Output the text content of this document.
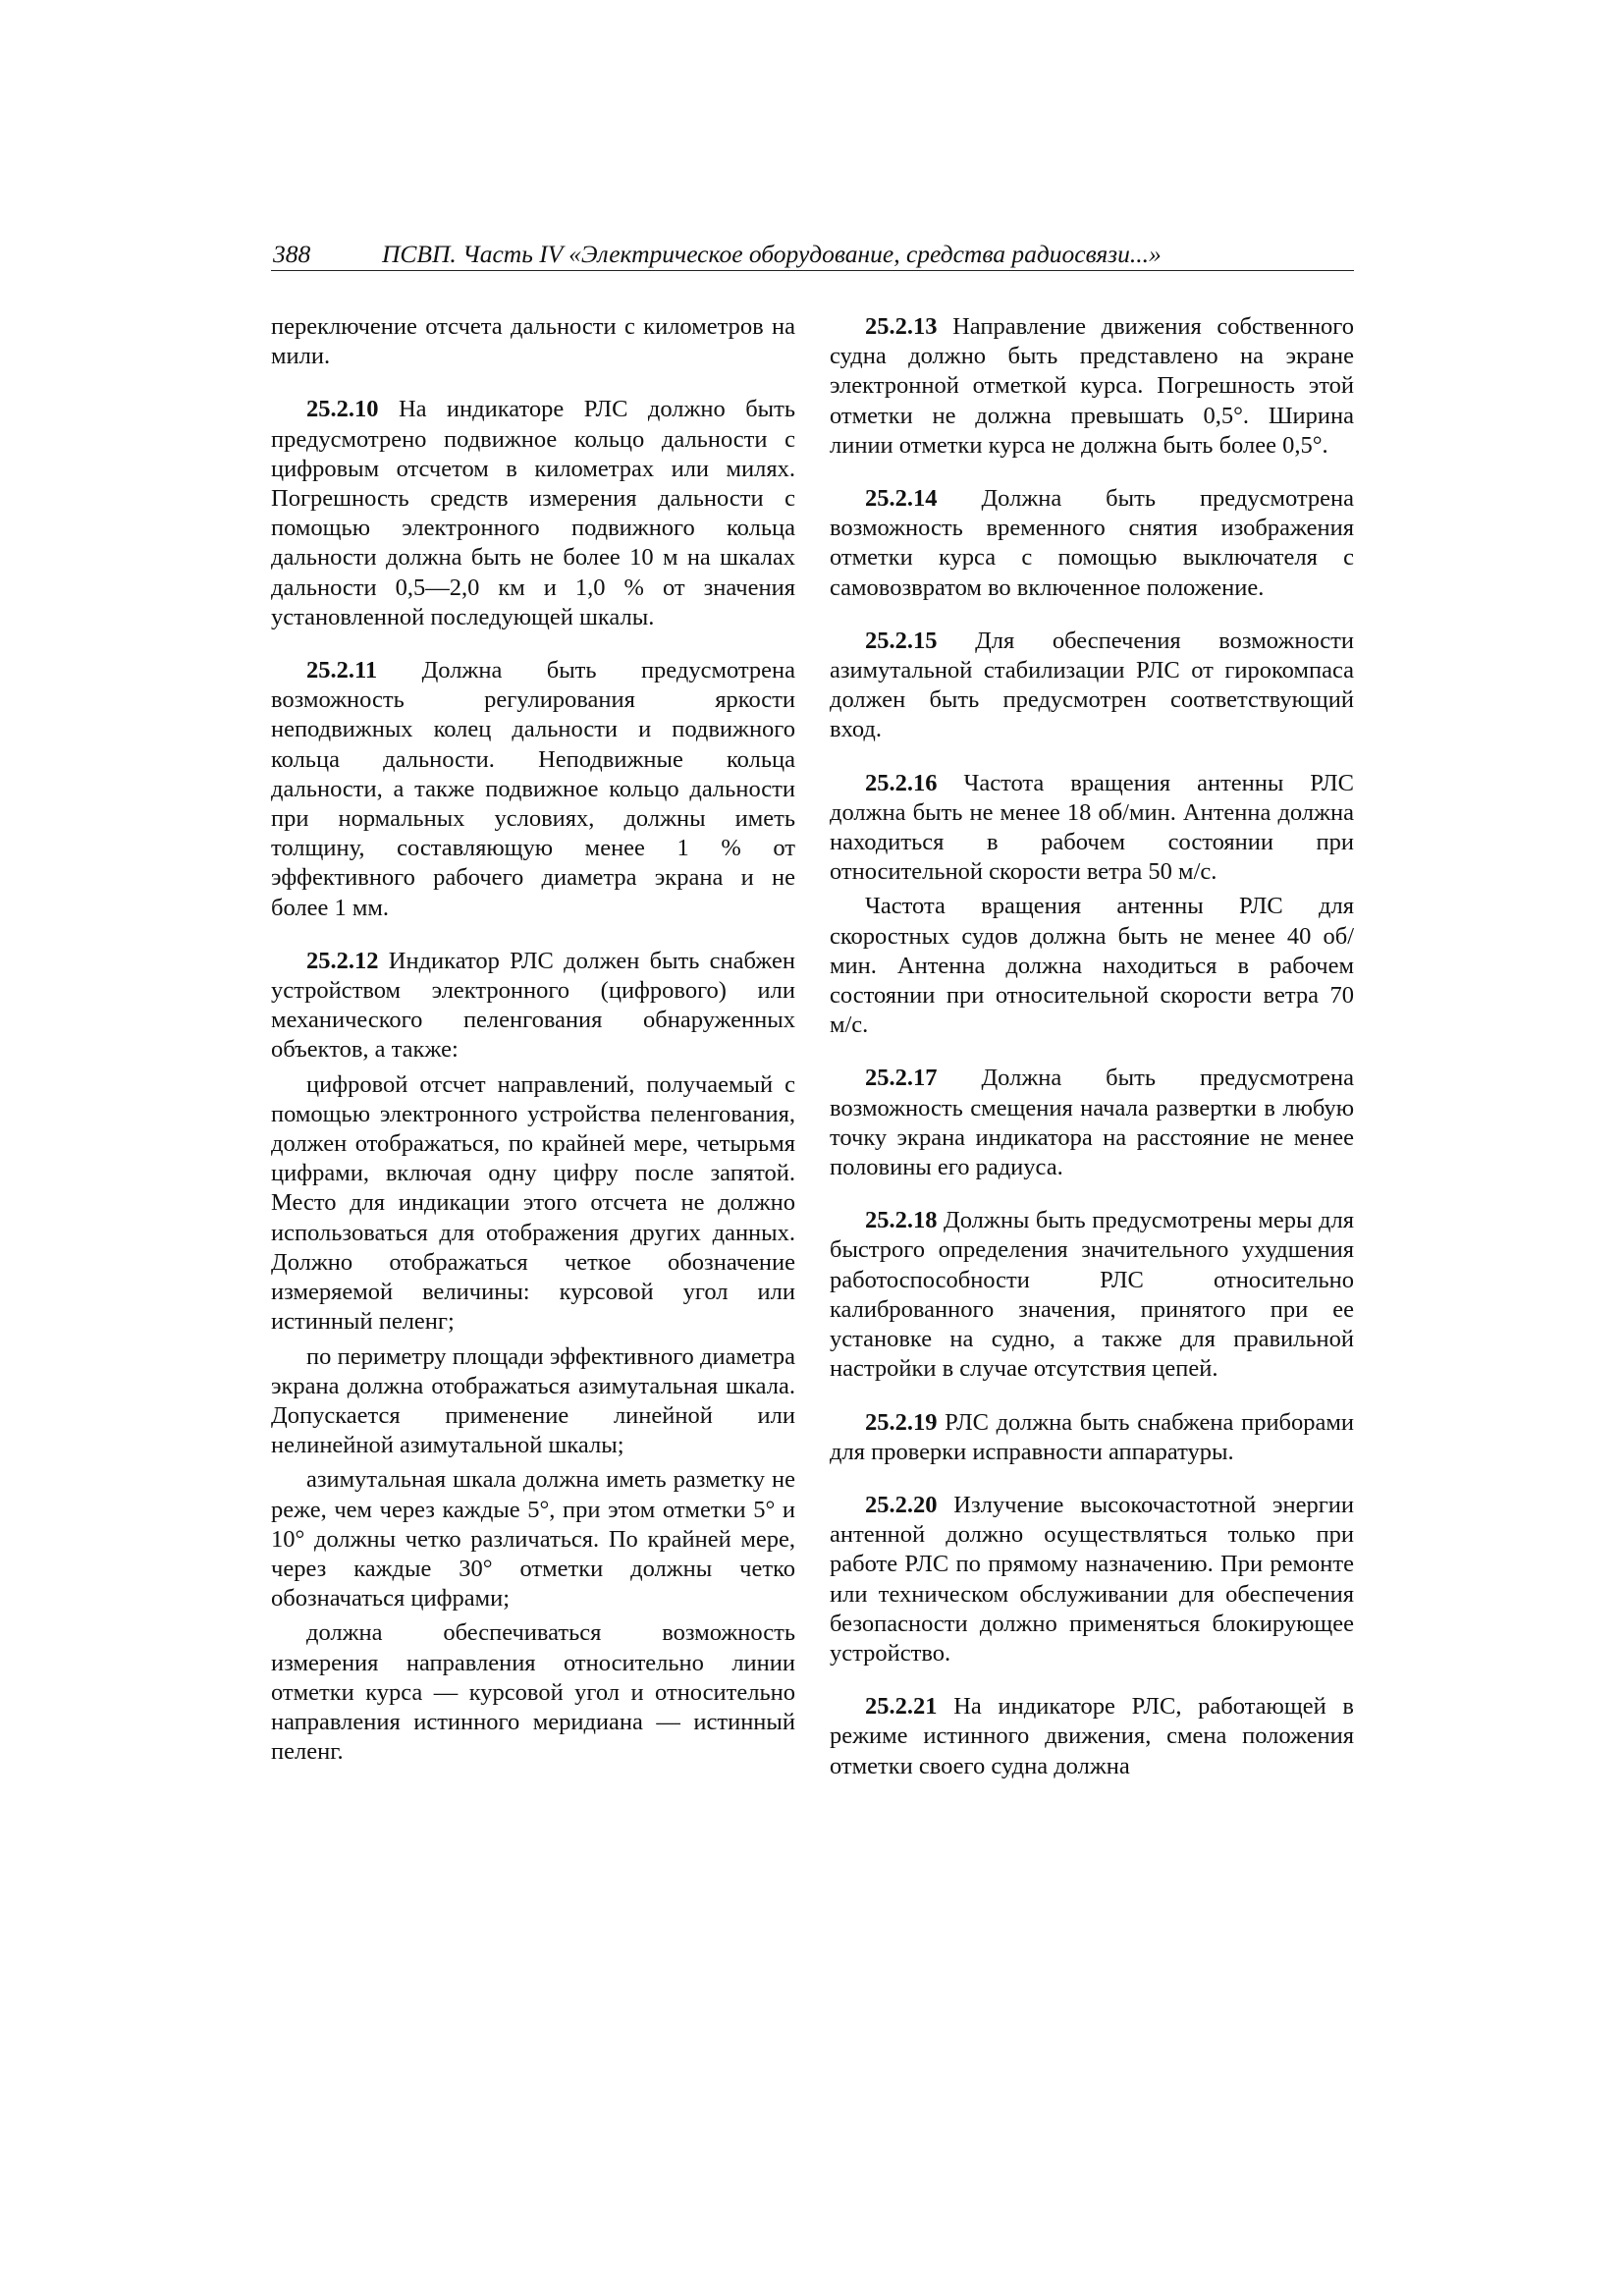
388	ПСВП. Часть IV «Электрическое оборудование, средства радиосвязи...»

переключение отсчета дальности с километров на мили.

25.2.10 На индикаторе РЛС должно быть предусмотрено подвижное кольцо дальности с цифровым отсчетом в километрах или милях. Погрешность средств измерения дальности с помощью электронного подвижного кольца дальности должна быть не более 10 м на шкалах дальности 0,5—2,0 км и 1,0 % от значения установленной последующей шкалы.

25.2.11 Должна быть предусмотрена возможность регулирования яркости неподвижных колец дальности и подвижного кольца дальности. Неподвижные кольца дальности, а также подвижное кольцо дальности при нормальных условиях, должны иметь толщину, составляющую менее 1 % от эффективного рабочего диаметра экрана и не более 1 мм.

25.2.12 Индикатор РЛС должен быть снабжен устройством электронного (цифрового) или механического пеленгования обнаруженных объектов, а также:

цифровой отсчет направлений, получаемый с помощью электронного устройства пеленгования, должен отображаться, по крайней мере, четырьмя цифрами, включая одну цифру после запятой. Место для индикации этого отсчета не должно использоваться для отображения других данных. Должно отображаться четкое обозначение измеряемой величины: курсовой угол или истинный пеленг;

по периметру площади эффективного диаметра экрана должна отображаться азимутальная шкала. Допускается применение линейной или нелинейной азимутальной шкалы;

азимутальная шкала должна иметь разметку не реже, чем через каждые 5°, при этом отметки 5° и 10° должны четко различаться. По крайней мере, через каждые 30° отметки должны четко обозначаться цифрами;

должна обеспечиваться возможность измерения направления относительно линии отметки курса — курсовой угол и относительно направления истинного меридиана — истинный пеленг.

25.2.13 Направление движения собственного судна должно быть представлено на экране электронной отметкой курса. Погрешность этой отметки не должна превышать 0,5°. Ширина линии отметки курса не должна быть более 0,5°.

25.2.14 Должна быть предусмотрена возможность временного снятия изображения отметки курса с помощью выключателя с самовозвратом во включенное положение.

25.2.15 Для обеспечения возможности азимутальной стабилизации РЛС от гирокомпаса должен быть предусмотрен соответствующий вход.

25.2.16 Частота вращения антенны РЛС должна быть не менее 18 об/мин. Антенна должна находиться в рабочем состоянии при относительной скорости ветра 50 м/с.

Частота вращения антенны РЛС для скоростных судов должна быть не менее 40 об/мин. Антенна должна находиться в рабочем состоянии при относительной скорости ветра 70 м/с.

25.2.17 Должна быть предусмотрена возможность смещения начала развертки в любую точку экрана индикатора на расстояние не менее половины его радиуса.

25.2.18 Должны быть предусмотрены меры для быстрого определения значительного ухудшения работоспособности РЛС относительно калиброванного значения, принятого при ее установке на судно, а также для правильной настройки в случае отсутствия цепей.

25.2.19 РЛС должна быть снабжена приборами для проверки исправности аппаратуры.

25.2.20 Излучение высокочастотной энергии антенной должно осуществляться только при работе РЛС по прямому назначению. При ремонте или техническом обслуживании для обеспечения безопасности должно применяться блокирующее устройство.

25.2.21 На индикаторе РЛС, работающей в режиме истинного движения, смена положения отметки своего судна должна
